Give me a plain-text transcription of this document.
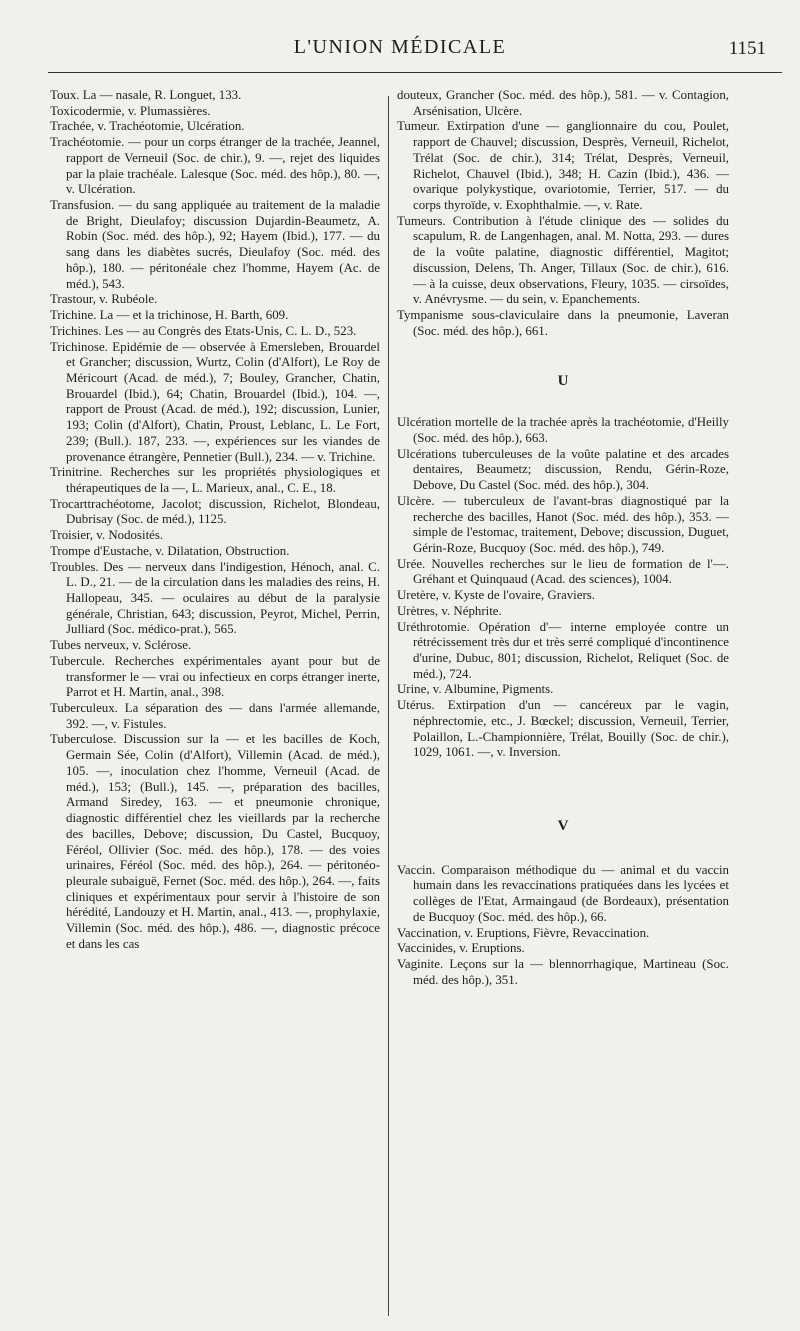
L'UNION MÉDICALE	1151

Toux. La — nasale, R. Longuet, 133.

Toxicodermie, v. Plumassières.

Trachée, v. Trachéotomie, Ulcération.

Trachéotomie. — pour un corps étranger de la trachée, Jeannel, rapport de Verneuil (Soc. de chir.), 9. —, rejet des liquides par la plaie trachéale. Lalesque (Soc. méd. des hôp.), 80. —, v. Ulcération.

Transfusion. — du sang appliquée au traitement de la maladie de Bright, Dieulafoy; discussion Dujardin-Beaumetz, A. Robin (Soc. méd. des hôp.), 92; Hayem (Ibid.), 177. — du sang dans les diabètes sucrés, Dieulafoy (Soc. méd. des hôp.), 180. — péritonéale chez l'homme, Hayem (Ac. de méd.), 543.

Trastour, v. Rubéole.

Trichine. La — et la trichinose, H. Barth, 609.

Trichines. Les — au Congrès des Etats-Unis, C. L. D., 523.

Trichinose. Epidémie de — observée à Emersleben, Brouardel et Grancher; discussion, Wurtz, Colin (d'Alfort), Le Roy de Méricourt (Acad. de méd.), 7; Bouley, Grancher, Chatin, Brouardel (Ibid.), 64; Chatin, Brouardel (Ibid.), 104. —, rapport de Proust (Acad. de méd.), 192; discussion, Lunier, 193; Colin (d'Alfort), Chatin, Proust, Leblanc, L. Le Fort, 239; (Bull.). 187, 233. —, expériences sur les viandes de provenance étrangère, Pennetier (Bull.), 234. — v. Trichine.

Trinitrine. Recherches sur les propriétés physiologiques et thérapeutiques de la —, L. Marieux, anal., C. E., 18.

Trocarttrachéotome, Jacolot; discussion, Richelot, Blondeau, Dubrisay (Soc. de méd.), 1125.

Troisier, v. Nodosités.

Trompe d'Eustache, v. Dilatation, Obstruction.

Troubles. Des — nerveux dans l'indigestion, Hénoch, anal. C. L. D., 21. — de la circulation dans les maladies des reins, H. Hallopeau, 345. — oculaires au début de la paralysie générale, Christian, 643; discussion, Peyrot, Michel, Perrin, Julliard (Soc. médico-prat.), 565.

Tubes nerveux, v. Sclérose.

Tubercule. Recherches expérimentales ayant pour but de transformer le — vrai ou infectieux en corps étranger inerte, Parrot et H. Martin, anal., 398.

Tuberculeux. La séparation des — dans l'armée allemande, 392. —, v. Fistules.

Tuberculose. Discussion sur la — et les bacilles de Koch, Germain Sée, Colin (d'Alfort), Villemin (Acad. de méd.), 105. —, inoculation chez l'homme, Verneuil (Acad. de méd.), 153; (Bull.), 145. —, préparation des bacilles, Armand Siredey, 163. — et pneumonie chronique, diagnostic différentiel chez les vieillards par la recherche des bacilles, Debove; discussion, Du Castel, Bucquoy, Féréol, Ollivier (Soc. méd. des hôp.), 178. — des voies urinaires, Féréol (Soc. méd. des hôp.), 264. — péritonéo-pleurale subaiguë, Fernet (Soc. méd. des hôp.), 264. —, faits cliniques et expérimentaux pour servir à l'histoire de son hérédité, Landouzy et H. Martin, anal., 413. —, prophylaxie, Villemin (Soc. méd. des hôp.), 486. —, diagnostic précoce et dans les cas

douteux, Grancher (Soc. méd. des hôp.), 581. — v. Contagion, Arsénisation, Ulcère.

Tumeur. Extirpation d'une — ganglionnaire du cou, Poulet, rapport de Chauvel; discussion, Desprès, Verneuil, Richelot, Trélat (Soc. de chir.), 314; Trélat, Desprès, Verneuil, Richelot, Chauvel (Ibid.), 348; H. Cazin (Ibid.), 436. — ovarique polykystique, ovariotomie, Terrier, 517. — du corps thyroïde, v. Exophthalmie. —, v. Rate.

Tumeurs. Contribution à l'étude clinique des — solides du scapulum, R. de Langenhagen, anal. M. Notta, 293. — dures de la voûte palatine, diagnostic différentiel, Magitot; discussion, Delens, Th. Anger, Tillaux (Soc. de chir.), 616. — à la cuisse, deux observations, Fleury, 1035. — cirsoïdes, v. Anévrysme. — du sein, v. Epanchements.

Tympanisme sous-claviculaire dans la pneumonie, Laveran (Soc. méd. des hôp.), 661.

U

Ulcération mortelle de la trachée après la trachéotomie, d'Heilly (Soc. méd. des hôp.), 663.

Ulcérations tuberculeuses de la voûte palatine et des arcades dentaires, Beaumetz; discussion, Rendu, Gérin-Roze, Debove, Du Castel (Soc. méd. des hôp.), 304.

Ulcère. — tuberculeux de l'avant-bras diagnostiqué par la recherche des bacilles, Hanot (Soc. méd. des hôp.), 353. — simple de l'estomac, traitement, Debove; discussion, Duguet, Gérin-Roze, Bucquoy (Soc. méd. des hôp.), 749.

Urée. Nouvelles recherches sur le lieu de formation de l'—. Gréhant et Quinquaud (Acad. des sciences), 1004.

Uretère, v. Kyste de l'ovaire, Graviers.

Urètres, v. Néphrite.

Uréthrotomie. Opération d'— interne employée contre un rétrécissement très dur et très serré compliqué d'incontinence d'urine, Dubuc, 801; discussion, Richelot, Reliquet (Soc. de méd.), 724.

Urine, v. Albumine, Pigments.

Utérus. Extirpation d'un — cancéreux par le vagin, néphrectomie, etc., J. Bœckel; discussion, Verneuil, Terrier, Polaillon, L.-Championnière, Trélat, Bouilly (Soc. de chir.), 1029, 1061. —, v. Inversion.

V

Vaccin. Comparaison méthodique du — animal et du vaccin humain dans les revaccinations pratiquées dans les lycées et collèges de l'Etat, Armaingaud (de Bordeaux), présentation de Bucquoy (Soc. méd. des hôp.), 66.

Vaccination, v. Eruptions, Fièvre, Revaccination.

Vaccinides, v. Eruptions.

Vaginite. Leçons sur la — blennorrhagique, Martineau (Soc. méd. des hôp.), 351.
